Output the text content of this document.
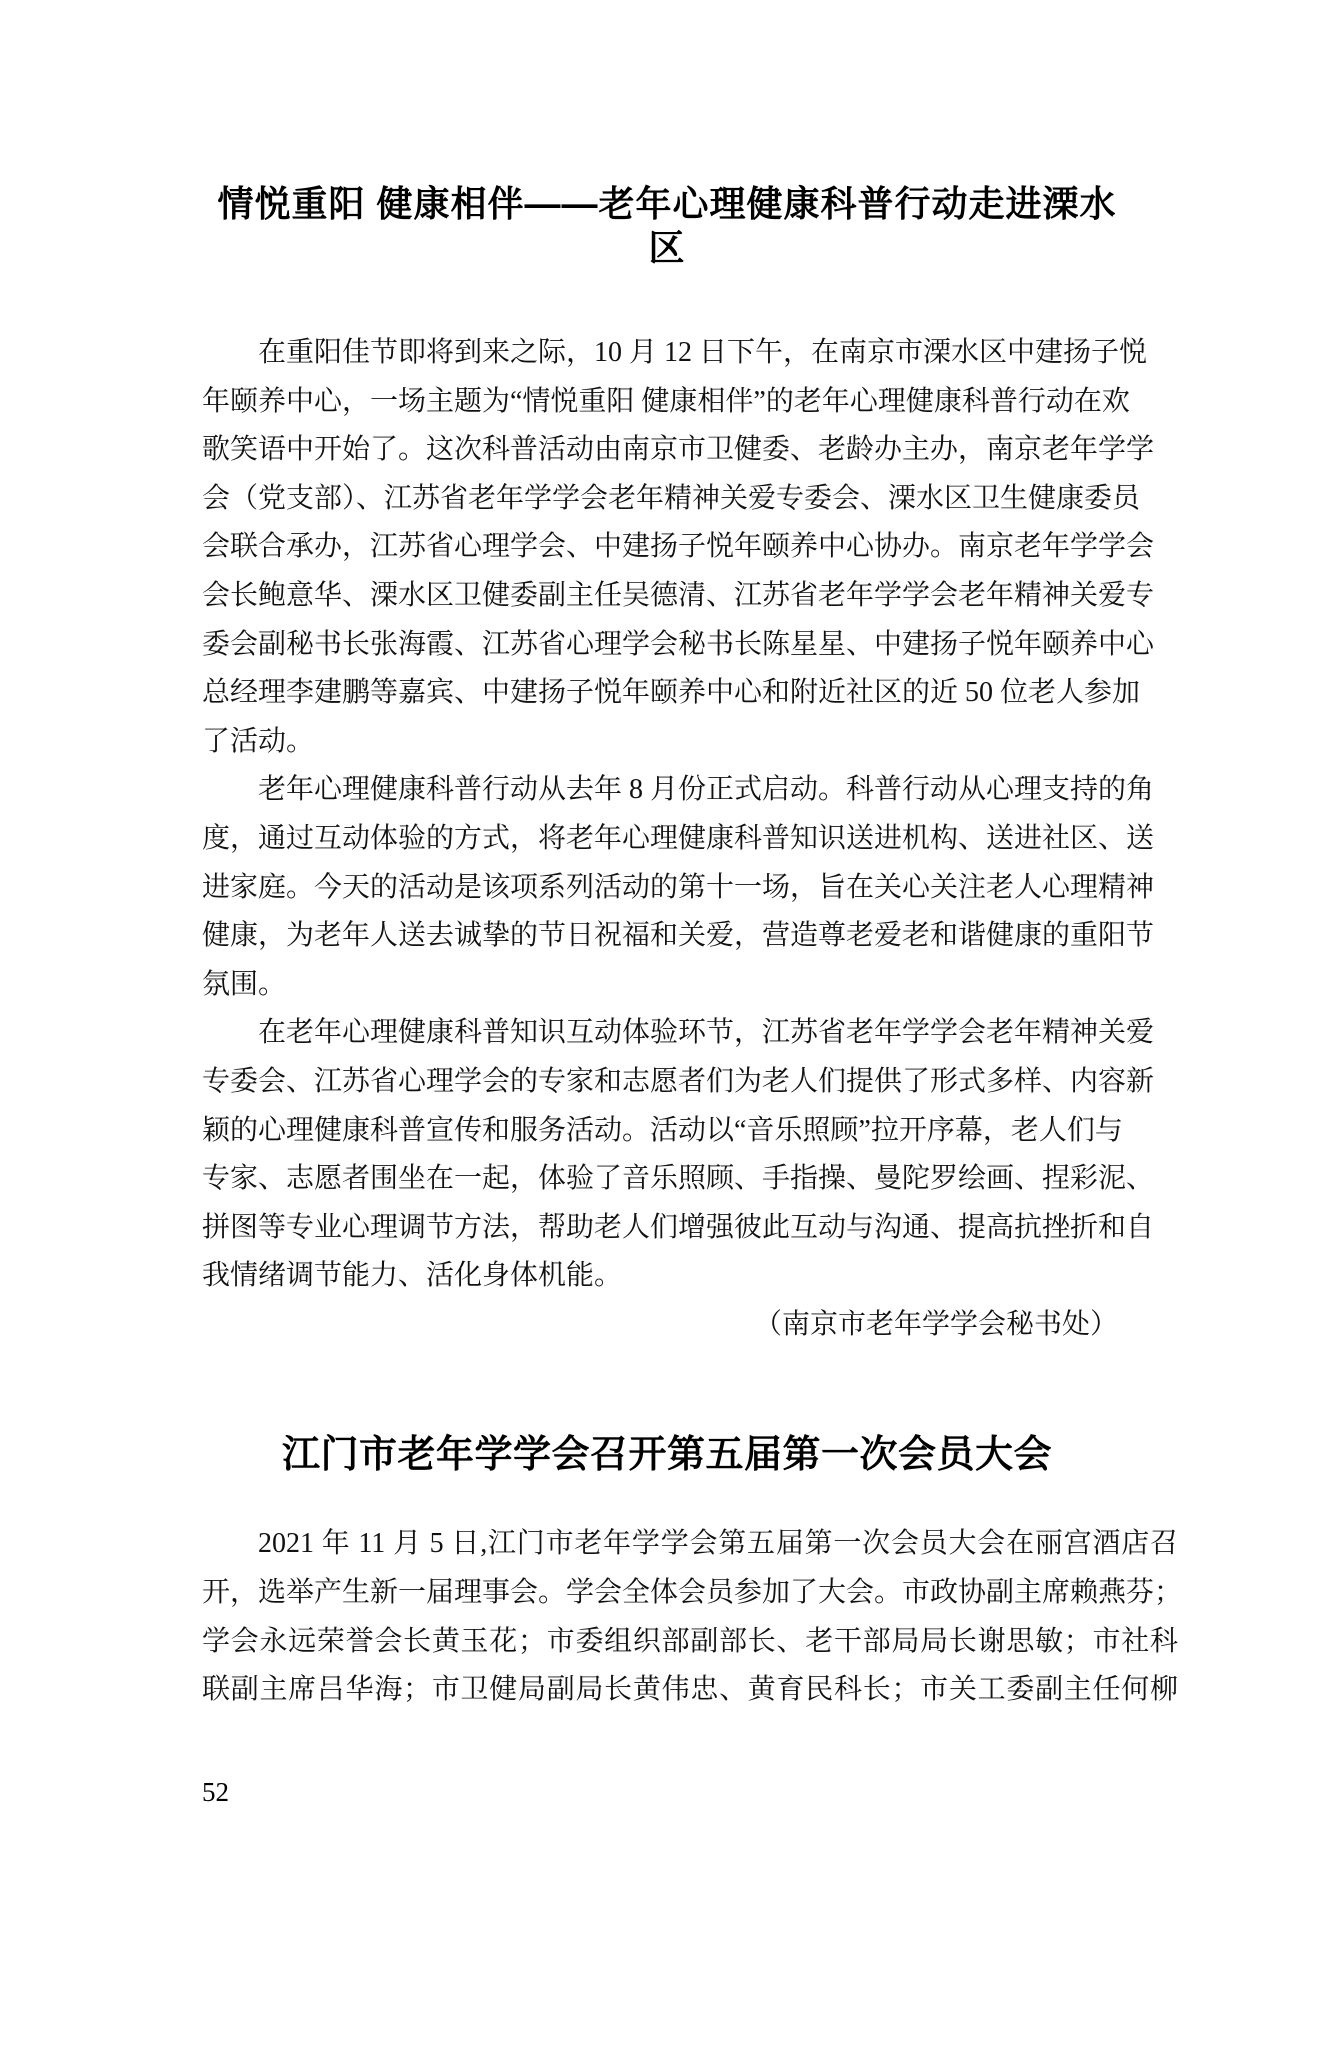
情悦重阳 健康相伴——老年心理健康科普行动走进溧水区
在重阳佳节即将到来之际，10 月 12 日下午，在南京市溧水区中建扬子悦
年颐养中心，一场主题为“情悦重阳 健康相伴”的老年心理健康科普行动在欢
歌笑语中开始了。这次科普活动由南京市卫健委、老龄办主办，南京老年学学
会（党支部）、江苏省老年学学会老年精神关爱专委会、溧水区卫生健康委员
会联合承办，江苏省心理学会、中建扬子悦年颐养中心协办。南京老年学学会
会长鲍意华、溧水区卫健委副主任吴德清、江苏省老年学学会老年精神关爱专
委会副秘书长张海霞、江苏省心理学会秘书长陈星星、中建扬子悦年颐养中心
总经理李建鹏等嘉宾、中建扬子悦年颐养中心和附近社区的近 50 位老人参加
了活动。
老年心理健康科普行动从去年 8 月份正式启动。科普行动从心理支持的角
度，通过互动体验的方式，将老年心理健康科普知识送进机构、送进社区、送
进家庭。今天的活动是该项系列活动的第十一场，旨在关心关注老人心理精神
健康，为老年人送去诚挚的节日祝福和关爱，营造尊老爱老和谐健康的重阳节
氛围。
在老年心理健康科普知识互动体验环节，江苏省老年学学会老年精神关爱
专委会、江苏省心理学会的专家和志愿者们为老人们提供了形式多样、内容新
颖的心理健康科普宣传和服务活动。活动以“音乐照顾”拉开序幕，老人们与
专家、志愿者围坐在一起，体验了音乐照顾、手指操、曼陀罗绘画、捏彩泥、
拼图等专业心理调节方法，帮助老人们增强彼此互动与沟通、提高抗挫折和自
我情绪调节能力、活化身体机能。
（南京市老年学学会秘书处）
江门市老年学学会召开第五届第一次会员大会
2021 年 11 月 5 日,江门市老年学学会第五届第一次会员大会在丽宫酒店召
开，选举产生新一届理事会。学会全体会员参加了大会。市政协副主席赖燕芬；
学会永远荣誉会长黄玉花；市委组织部副部长、老干部局局长谢思敏；市社科
联副主席吕华海；市卫健局副局长黄伟忠、黄育民科长；市关工委副主任何柳
52
